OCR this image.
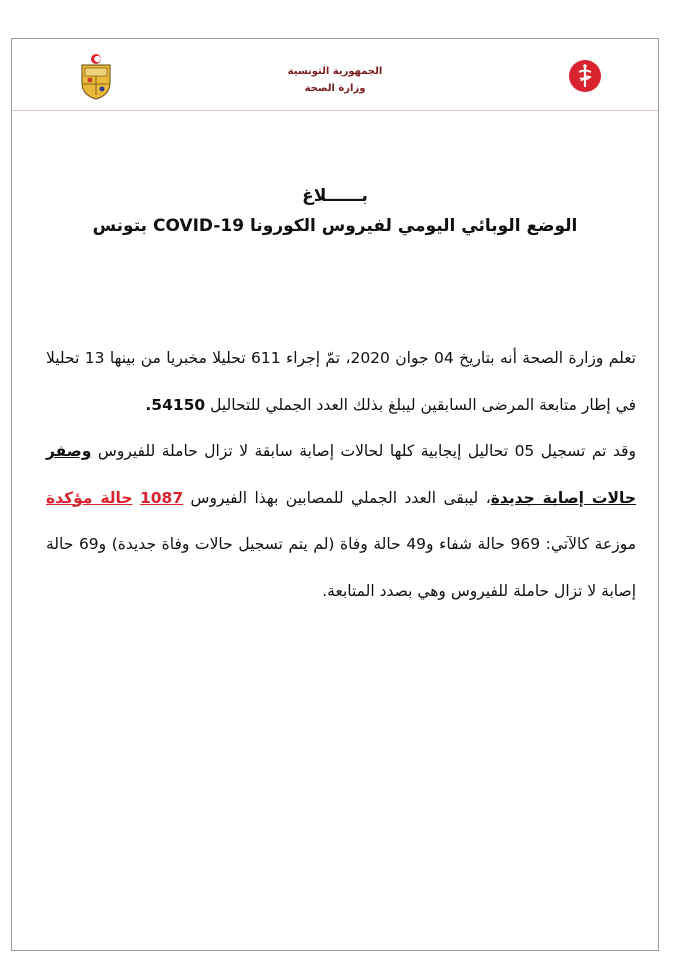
الجمهورية التونسية
وزارة الصحة
بــــــلاغ
الوضع الوبائي اليومي لفيروس الكورونا COVID-19 بتونس

تعلم وزارة الصحة أنه بتاريخ 04 جوان 2020، تمّ إجراء 611 تحليلا مخبريا من بينها 13 تحليلا في إطار متابعة المرضى السابقين ليبلغ بذلك العدد الجملي للتحاليل 54150.

وقد تم تسجيل 05 تحاليل إيجابية كلها لحالات إصابة سابقة لا تزال حاملة للفيروس وصفر حالات إصابة جديدة، ليبقى العدد الجملي للمصابين بهذا الفيروس 1087 حالة مؤكدة موزعة كالآتي: 969 حالة شفاء و49 حالة وفاة (لم يتم تسجيل حالات وفاة جديدة) و69 حالة إصابة لا تزال حاملة للفيروس وهي بصدد المتابعة.
